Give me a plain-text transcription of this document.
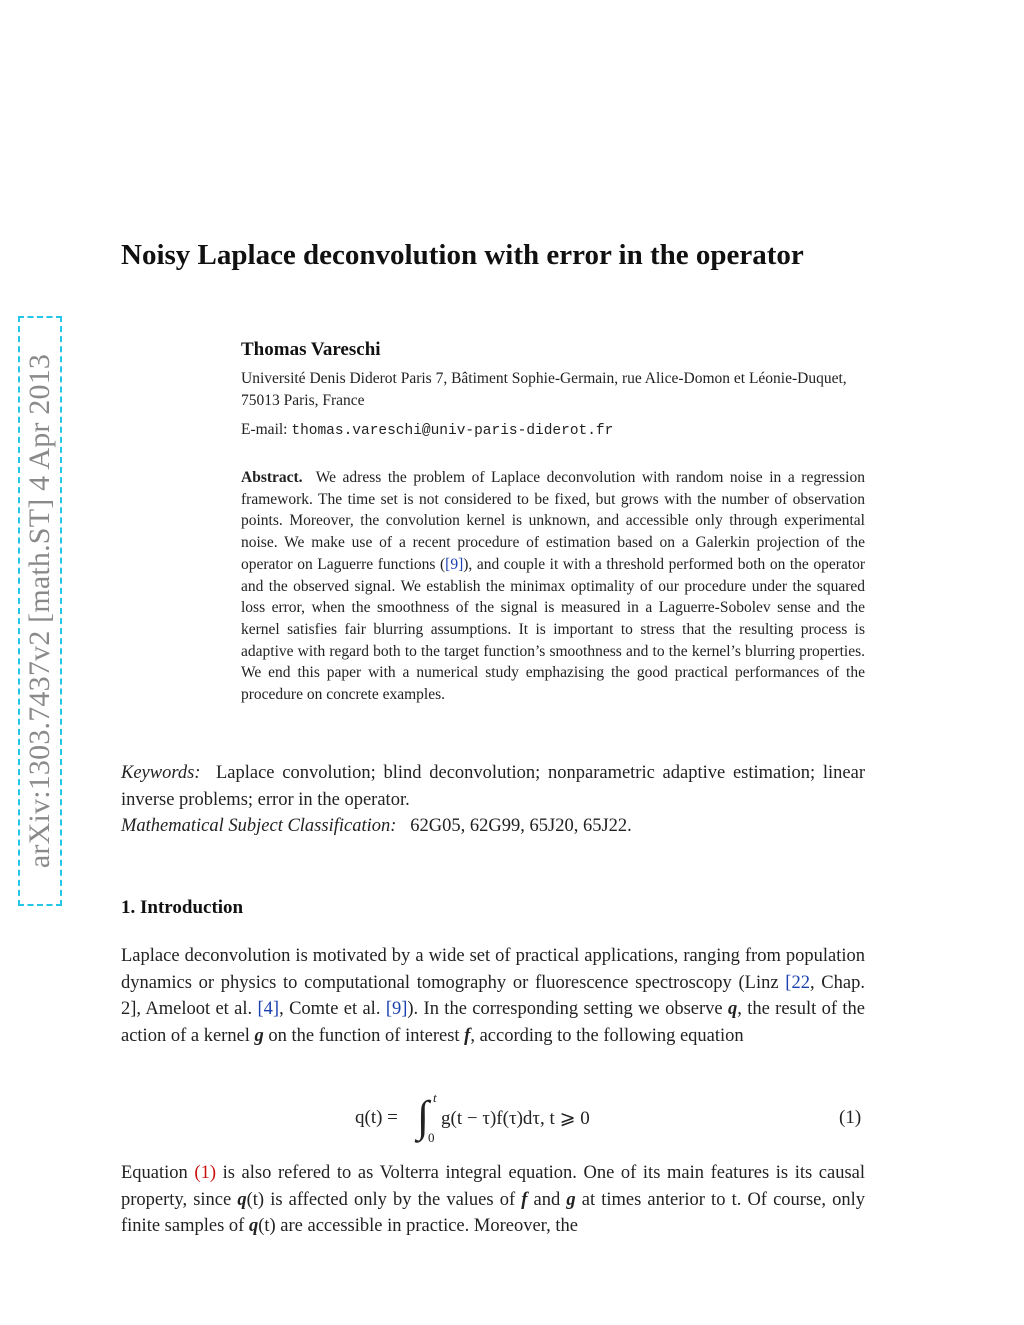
arXiv:1303.7437v2 [math.ST] 4 Apr 2013
Noisy Laplace deconvolution with error in the operator

Thomas Vareschi

Université Denis Diderot Paris 7, Bâtiment Sophie-Germain, rue Alice-Domon et Léonie-Duquet, 75013 Paris, France

E-mail: thomas.vareschi@univ-paris-diderot.fr

Abstract. We adress the problem of Laplace deconvolution with random noise in a regression framework. The time set is not considered to be fixed, but grows with the number of observation points. Moreover, the convolution kernel is unknown, and accessible only through experimental noise. We make use of a recent procedure of estimation based on a Galerkin projection of the operator on Laguerre functions ([9]), and couple it with a threshold performed both on the operator and the observed signal. We establish the minimax optimality of our procedure under the squared loss error, when the smoothness of the signal is measured in a Laguerre-Sobolev sense and the kernel satisfies fair blurring assumptions. It is important to stress that the resulting process is adaptive with regard both to the target function’s smoothness and to the kernel’s blurring properties. We end this paper with a numerical study emphazising the good practical performances of the procedure on concrete examples.

Keywords: Laplace convolution; blind deconvolution; nonparametric adaptive estimation; linear inverse problems; error in the operator.
Mathematical Subject Classification: 62G05, 62G99, 65J20, 65J22.

1. Introduction

Laplace deconvolution is motivated by a wide set of practical applications, ranging from population dynamics or physics to computational tomography or fluorescence spectroscopy (Linz [22, Chap. 2], Ameloot et al. [4], Comte et al. [9]). In the corresponding setting we observe q, the result of the action of a kernel g on the function of interest f, according to the following equation

q(t) = ∫ t
0
g(t − τ)f(τ)dτ, t ⩾ 0	(1)

Equation (1) is also refered to as Volterra integral equation. One of its main features is its causal property, since q(t) is affected only by the values of f and g at times anterior to t. Of course, only finite samples of q(t) are accessible in practice. Moreover, the
